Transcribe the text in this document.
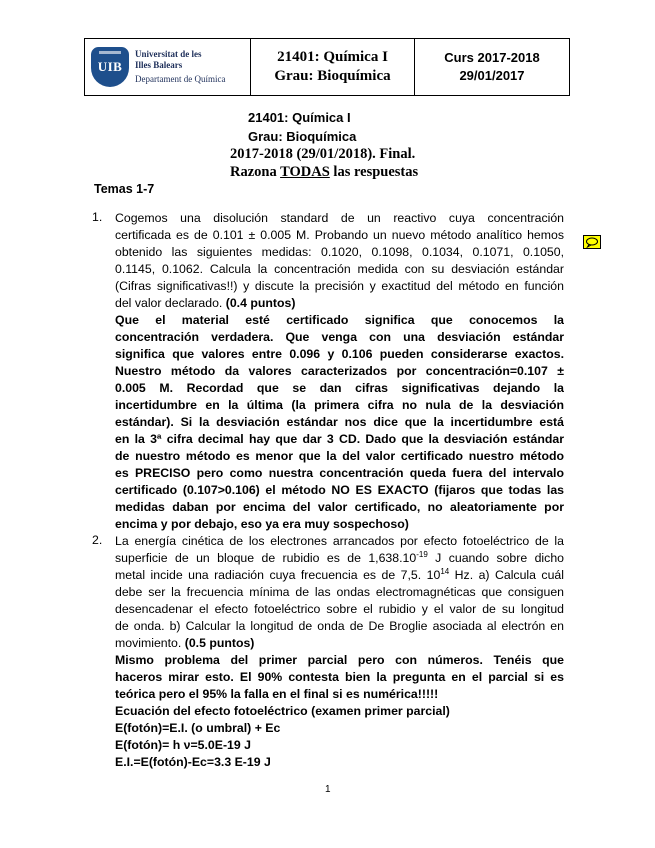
UIB
Universitat de les
Illes Balears
Departament de Química
21401: Química I
Grau: Bioquímica
Curs 2017-2018
29/01/2017
21401: Química I
Grau: Bioquímica
2017-2018 (29/01/2018). Final.
Razona TODAS las respuestas
Temas 1-7
1. Cogemos una disolución standard de un reactivo cuya concentración
certificada es de 0.101 ± 0.005 M. Probando un nuevo método analítico hemos
obtenido las siguientes medidas: 0.1020, 0.1098, 0.1034, 0.1071, 0.1050,
0.1145, 0.1062. Calcula la concentración medida con su desviación estándar
(Cifras significativas!!) y discute la precisión y exactitud del método en función
del valor declarado. (0.4 puntos)
Que el material esté certificado significa que conocemos la
concentración verdadera. Que venga con una desviación estándar
significa que valores entre 0.096 y 0.106 pueden considerarse exactos.
Nuestro método da valores caracterizados por concentración=0.107 ±
0.005 M. Recordad que se dan cifras significativas dejando la
incertidumbre en la última (la primera cifra no nula de la desviación
estándar). Si la desviación estándar nos dice que la incertidumbre está
en la 3ª cifra decimal hay que dar 3 CD. Dado que la desviación estándar
de nuestro método es menor que la del valor certificado nuestro método
es PRECISO pero como nuestra concentración queda fuera del intervalo
certificado (0.107>0.106) el método NO ES EXACTO (fijaros que todas las
medidas daban por encima del valor certificado, no aleatoriamente por
encima y por debajo, eso ya era muy sospechoso)
2. La energía cinética de los electrones arrancados por efecto fotoeléctrico de la
superficie de un bloque de rubidio es de $1,638.10^{-19}$ J cuando sobre dicho
metal incide una radiación cuya frecuencia es de 7,5. $10^{14}$ Hz. a) Calcula cuál
debe ser la frecuencia mínima de las ondas electromagnéticas que consiguen
desencadenar el efecto fotoeléctrico sobre el rubidio y el valor de su longitud
de onda. b) Calcular la longitud de onda de De Broglie asociada al electrón en
movimiento. (0.5 puntos)
Mismo problema del primer parcial pero con números. Tenéis que
haceros mirar esto. El 90% contesta bien la pregunta en el parcial si es
teórica pero el 95% la falla en el final si es numérica!!!!!
Ecuación del efecto fotoeléctrico (examen primer parcial)
E(fotón)=E.I. (o umbral) + Ec
E(fotón)= h ν=5.0E-19 J
E.I.=E(fotón)-Ec=3.3 E-19 J
1
